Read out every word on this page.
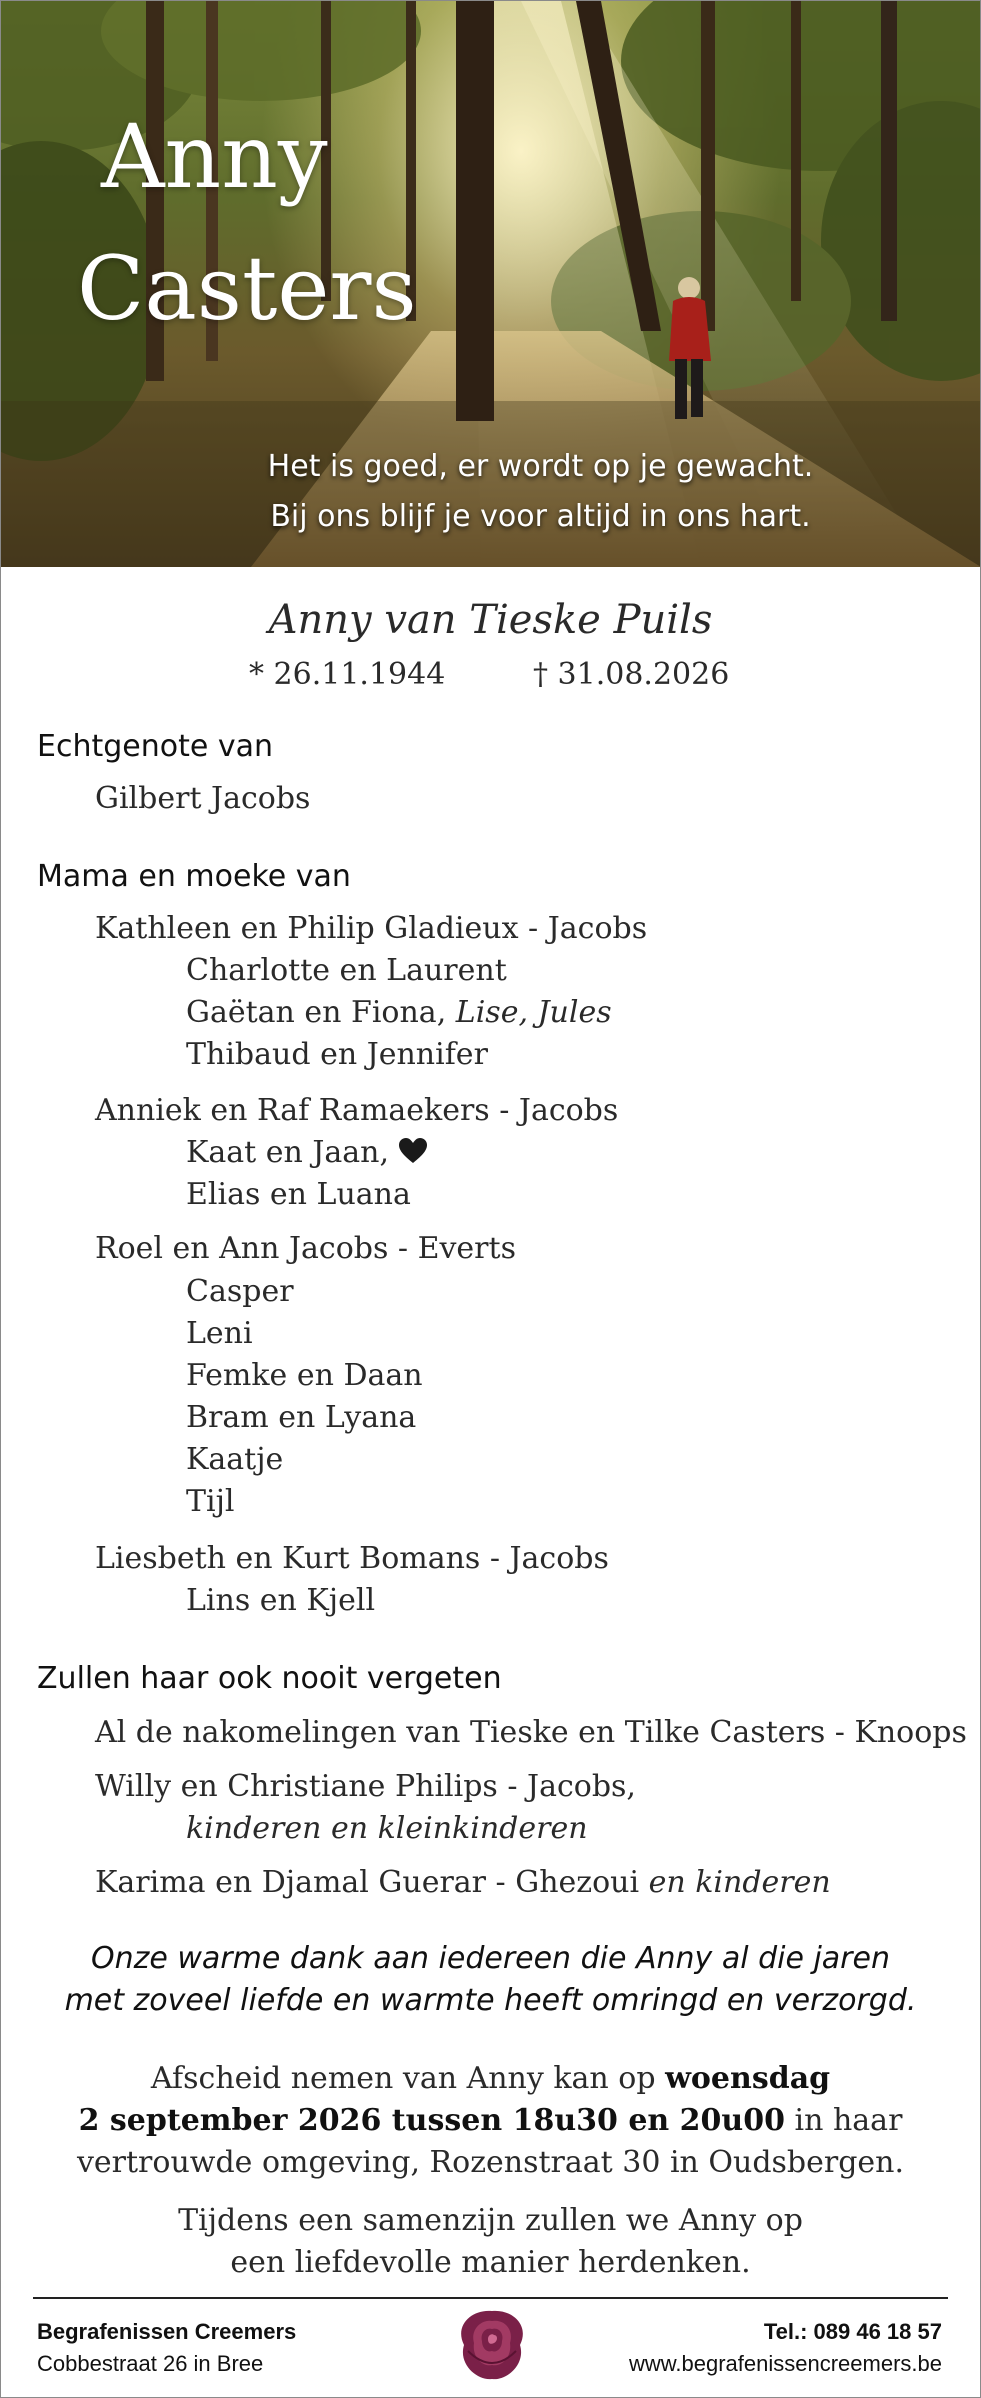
Anny
Casters
Het is goed, er wordt op je gewacht.
Bij ons blijf je voor altijd in ons hart.
Anny van Tieske Puils
* 26.11.1944	† 31.08.2026
Echtgenote van
Gilbert Jacobs
Mama en moeke van
Kathleen en Philip Gladieux - Jacobs
Charlotte en Laurent
Gaëtan en Fiona, Lise, Jules
Thibaud en Jennifer
Anniek en Raf Ramaekers - Jacobs
Kaat en Jaan,
Elias en Luana
Roel en Ann Jacobs - Everts
Casper
Leni
Femke en Daan
Bram en Lyana
Kaatje
Tijl
Liesbeth en Kurt Bomans - Jacobs
Lins en Kjell
Zullen haar ook nooit vergeten
Al de nakomelingen van Tieske en Tilke Casters - Knoops
Willy en Christiane Philips - Jacobs,
kinderen en kleinkinderen
Karima en Djamal Guerar - Ghezoui en kinderen
Onze warme dank aan iedereen die Anny al die jaren
met zoveel liefde en warmte heeft omringd en verzorgd.
Afscheid nemen van Anny kan op woensdag
2 september 2026 tussen 18u30 en 20u00 in haar
vertrouwde omgeving, Rozenstraat 30 in Oudsbergen.
Tijdens een samenzijn zullen we Anny op
een liefdevolle manier herdenken.
Begrafenissen Creemers
Cobbestraat 26 in Bree
Tel.: 089 46 18 57
www.begrafenissencreemers.be
